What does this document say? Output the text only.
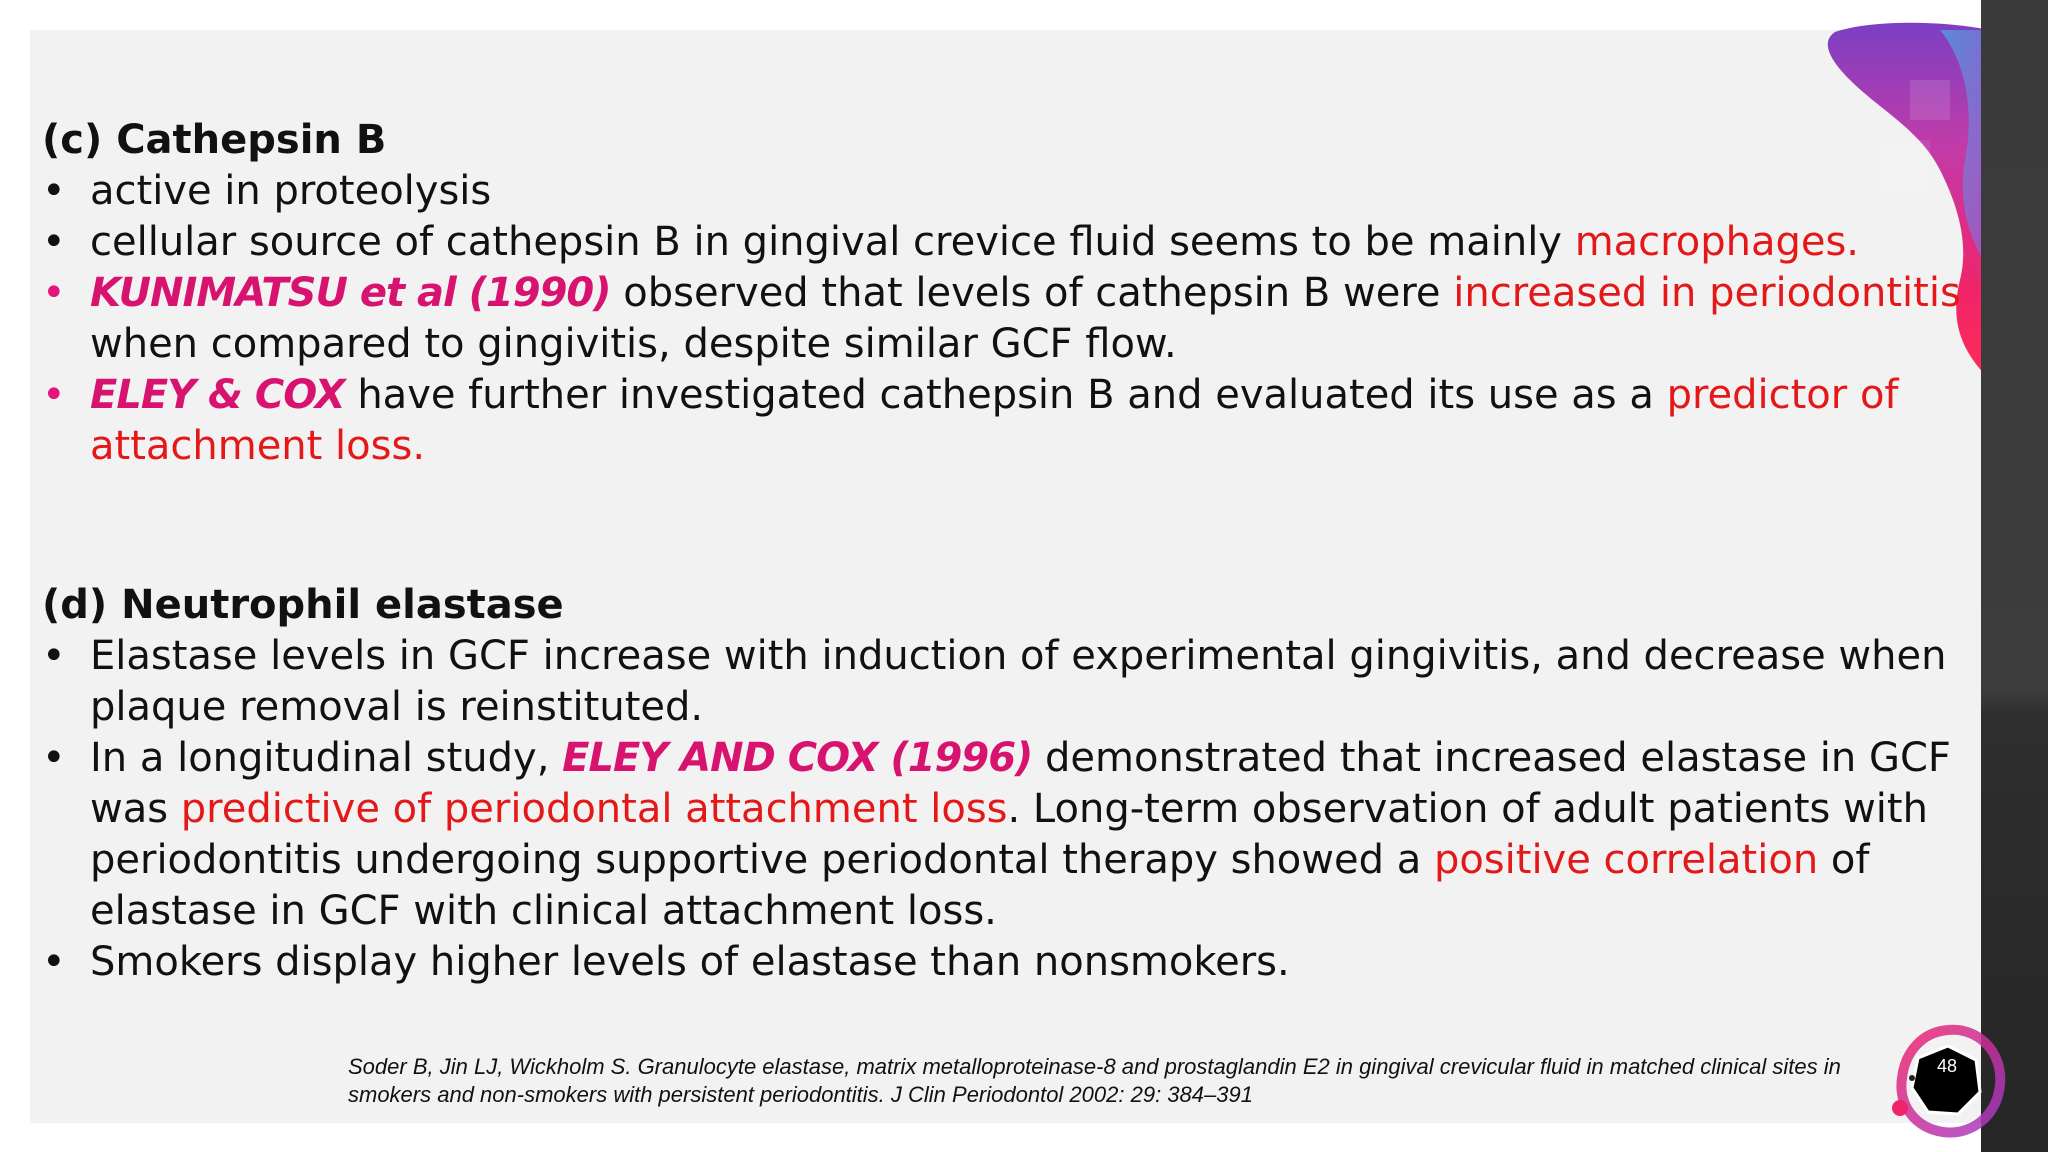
(c) Cathepsin B

• active in proteolysis
• cellular source of cathepsin B in gingival crevice fluid seems to be mainly macrophages.
• KUNIMATSU et al (1990) observed that levels of cathepsin B were increased in periodontitis when compared to gingivitis, despite similar GCF flow.
• ELEY & COX have further investigated cathepsin B and evaluated its use as a predictor of attachment loss.

(d) Neutrophil elastase

• Elastase levels in GCF increase with induction of experimental gingivitis, and decrease when plaque removal is reinstituted.
• In a longitudinal study, ELEY AND COX (1996) demonstrated that increased elastase in GCF was predictive of periodontal attachment loss. Long-term observation of adult patients with periodontitis undergoing supportive periodontal therapy showed a positive correlation of elastase in GCF with clinical attachment loss.
• Smokers display higher levels of elastase than nonsmokers.
Soder B, Jin LJ, Wickholm S. Granulocyte elastase, matrix metalloproteinase-8 and prostaglandin E2 in gingival crevicular fluid in matched clinical sites in smokers and non-smokers with persistent periodontitis. J Clin Periodontol 2002: 29: 384–391
48
